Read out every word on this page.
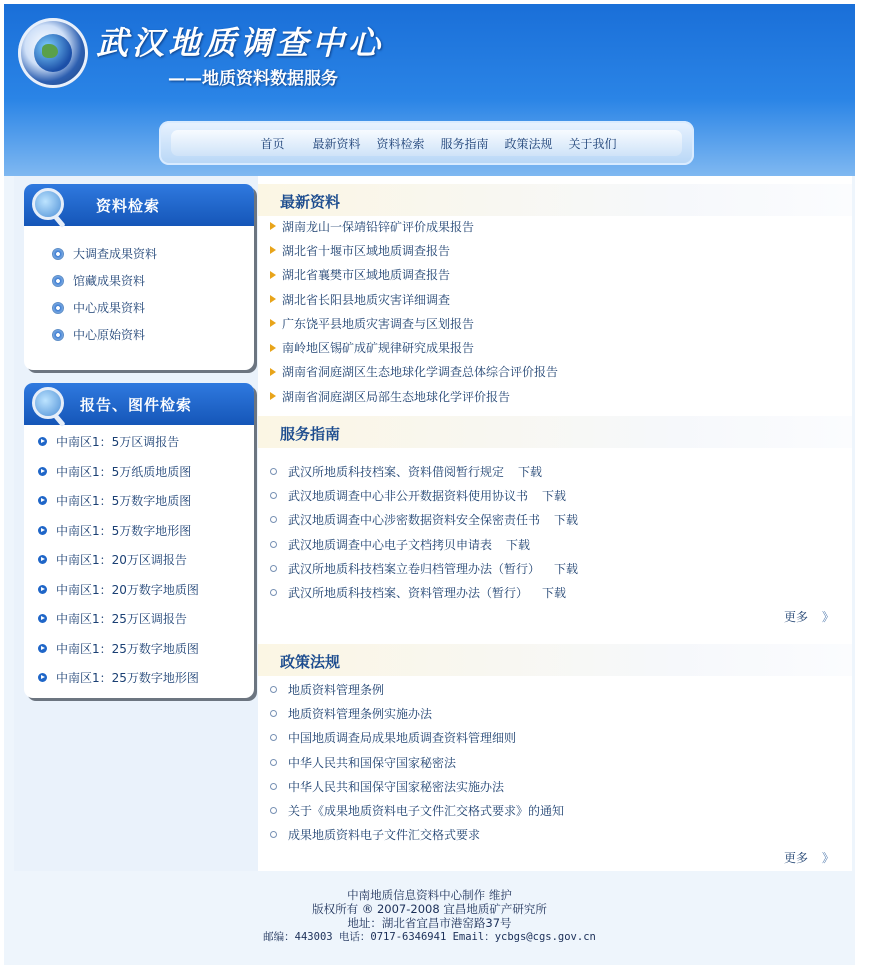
武汉地质调查中心
——地质资料数据服务
首页 最新资料 资料检索 服务指南 政策法规 关于我们
资料检索
大调查成果资料
馆藏成果资料
中心成果资料
中心原始资料
报告、图件检索
中南区1：5万区调报告
中南区1：5万纸质地质图
中南区1：5万数字地质图
中南区1：5万数字地形图
中南区1：20万区调报告
中南区1：20万数字地质图
中南区1：25万区调报告
中南区1：25万数字地质图
中南区1：25万数字地形图
最新资料
湖南龙山一保靖铅锌矿评价成果报告
湖北省十堰市区域地质调查报告
湖北省襄樊市区域地质调查报告
湖北省长阳县地质灾害详细调查
广东饶平县地质灾害调查与区划报告
南岭地区锡矿成矿规律研究成果报告
湖南省洞庭湖区生态地球化学调查总体综合评价报告
湖南省洞庭湖区局部生态地球化学评价报告
服务指南
武汉所地质科技档案、资料借阅暂行规定 下载
武汉地质调查中心非公开数据资料使用协议书 下载
武汉地质调查中心涉密数据资料安全保密责任书 下载
武汉地质调查中心电子文档拷贝申请表 下载
武汉所地质科技档案立卷归档管理办法（暂行） 下载
武汉所地质科技档案、资料管理办法（暂行） 下载
更多 》
政策法规
地质资料管理条例
地质资料管理条例实施办法
中国地质调查局成果地质调查资料管理细则
中华人民共和国保守国家秘密法
中华人民共和国保守国家秘密法实施办法
关于《成果地质资料电子文件汇交格式要求》的通知
成果地质资料电子文件汇交格式要求
更多 》
中南地质信息资料中心制作 维护
版权所有 ® 2007-2008 宜昌地质矿产研究所
地址：湖北省宜昌市港窑路37号
邮编：443003 电话：0717-6346941 Email：ycbgs@cgs.gov.cn
